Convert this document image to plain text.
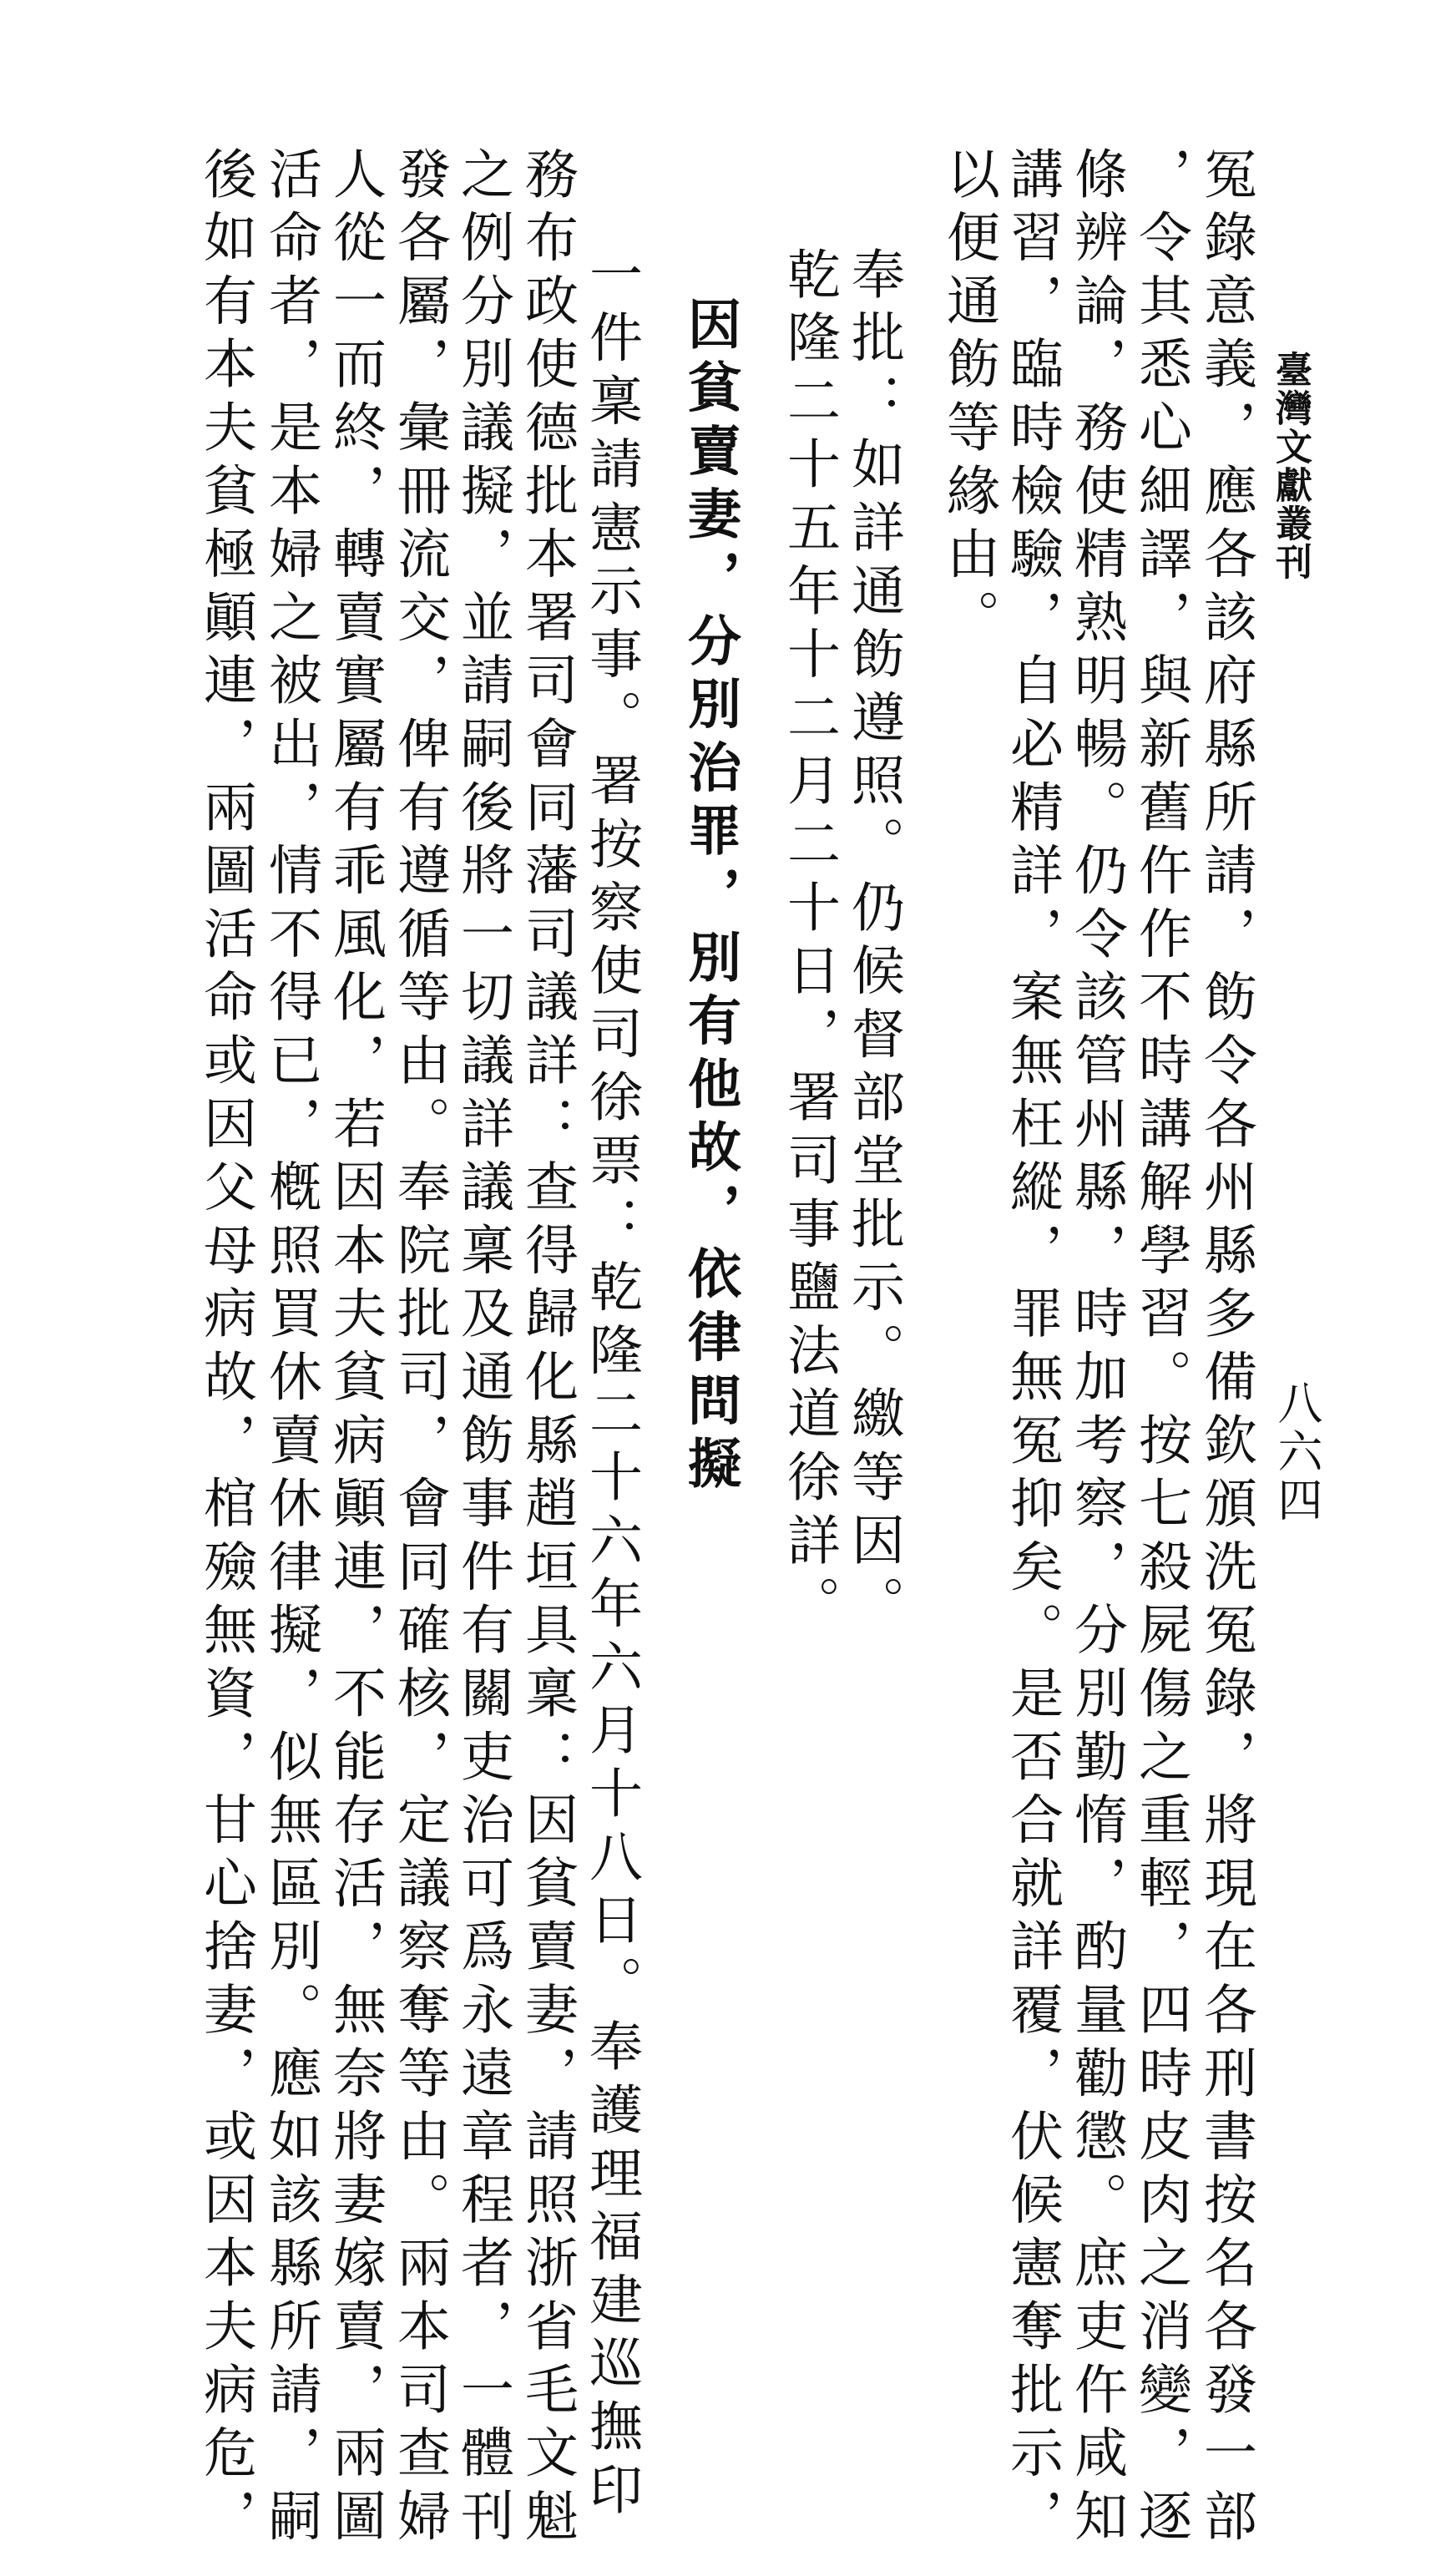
臺灣文獻叢刊
八六四
冤錄意義，應各該府縣所請，飭令各州縣多備欽頒洗冤錄，將現在各刑書按名各發一部
，令其悉心細譯，與新舊仵作不時講解學習。按七殺屍傷之重輕，四時皮肉之消變，逐
條辨論，務使精熟明暢。仍令該管州縣，時加考察，分別勤惰，酌量勸懲。庶吏仵咸知
講習，臨時檢驗，自必精詳，案無枉縱，罪無冤抑矣。是否合就詳覆，伏候憲奪批示，
以便通飭等緣由。
奉批：如詳通飭遵照。仍候督部堂批示。繳等因。
乾隆二十五年十二月二十日，署司事鹽法道徐詳。
因貧賣妻，分別治罪，別有他故，依律問擬
一件稟請憲示事。署按察使司徐票：乾隆二十六年六月十八日。奉護理福建巡撫印
務布政使德批本署司會同藩司議詳：查得歸化縣趙垣具稟：因貧賣妻，請照浙省毛文魁
之例分別議擬，並請嗣後將一切議詳議稟及通飭事件有關吏治可爲永遠章程者，一體刊
發各屬，彙冊流交，俾有遵循等由。奉院批司，會同確核，定議察奪等由。兩本司查婦
人從一而終，轉賣實屬有乖風化，若因本夫貧病顚連，不能存活，無奈將妻嫁賣，兩圖
活命者，是本婦之被出，情不得已，槪照買休賣休律擬，似無區別。應如該縣所請，嗣
後如有本夫貧極顚連，兩圖活命或因父母病故，棺殮無資，甘心捨妻，或因本夫病危，
